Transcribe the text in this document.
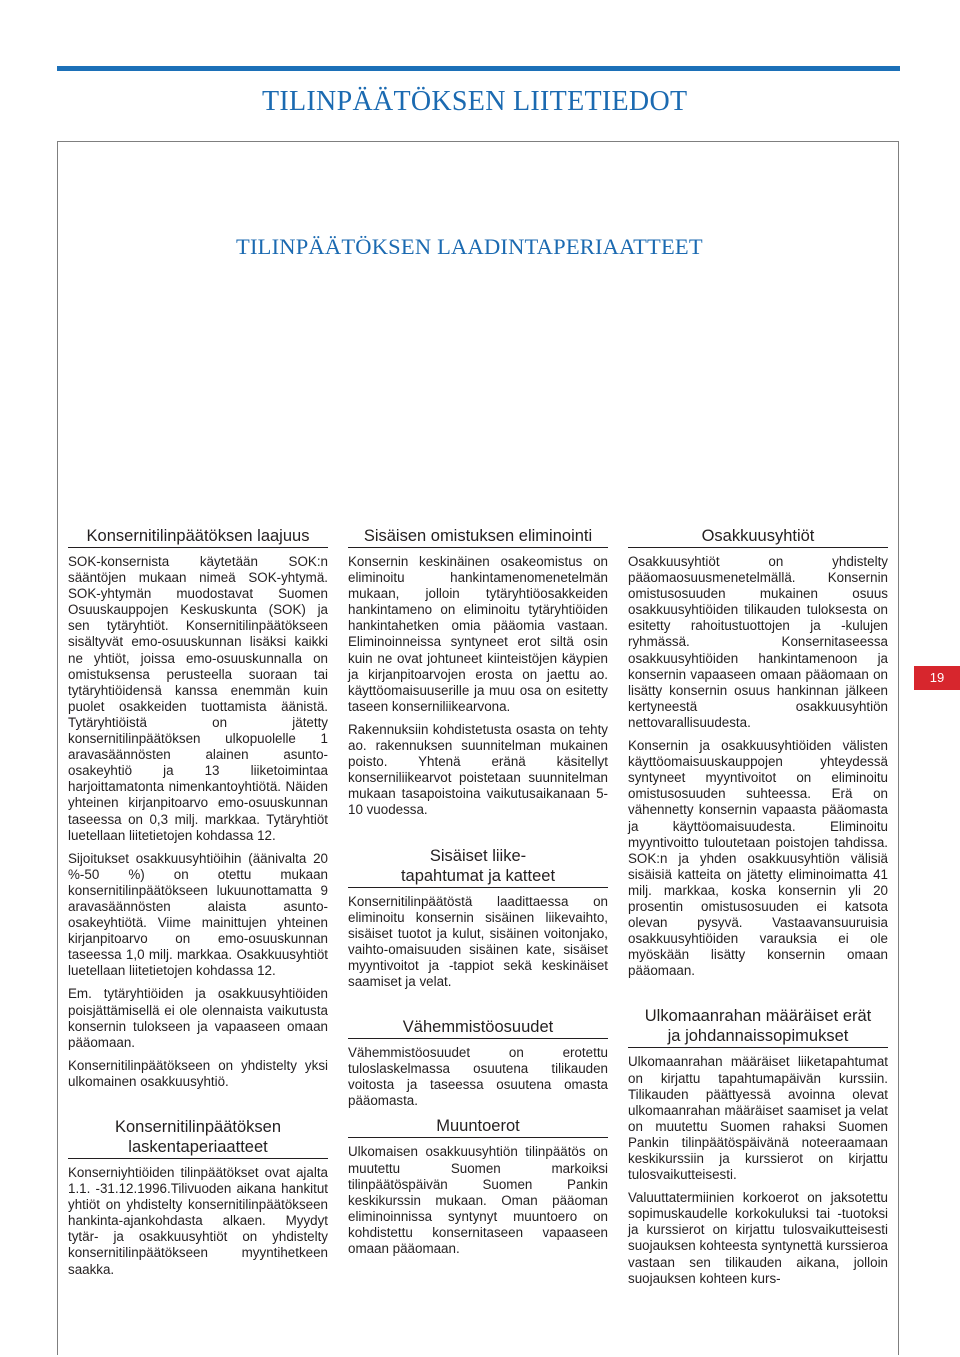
TILINPÄÄTÖKSEN LIITETIEDOT
TILINPÄÄTÖKSEN LAADINTAPERIAATTEET
Konsernitilinpäätöksen laajuus

SOK-konsernista käytetään SOK:n sääntöjen mukaan nimeä SOK-yhtymä. SOK-yhtymän muodostavat Suomen Osuuskauppojen Keskuskunta (SOK) ja sen tytäryhtiöt. Konsernitilinpäätökseen sisältyvät emo-osuuskunnan lisäksi kaikki ne yhtiöt, joissa emo-osuuskunnalla on omistuksensa perusteella suoraan tai tytäryhtiöidensä kanssa enemmän kuin puolet osakkeiden tuottamista äänistä. Tytäryhtiöistä on jätetty konsernitilinpäätöksen ulkopuolelle 1 aravasäännösten alainen asunto-osakeyhtiö ja 13 liiketoimintaa harjoittamatonta nimenkantoyhtiötä. Näiden yhteinen kirjanpitoarvo emo-osuuskunnan taseessa on 0,3 milj. markkaa. Tytäryhtiöt luetellaan liitetietojen kohdassa 12.

Sijoitukset osakkuusyhtiöihin (äänivalta 20 %-50 %) on otettu mukaan konsernitilinpäätökseen lukuunottamatta 9 aravasäännösten alaista asunto-osakeyhtiötä. Viime mainittujen yhteinen kirjanpitoarvo on emo-osuuskunnan taseessa 1,0 milj. markkaa. Osakkuusyhtiöt luetellaan liitetietojen kohdassa 12.

Em. tytäryhtiöiden ja osakkuusyhtiöiden poisjättämisellä ei ole olennaista vaikutusta konsernin tulokseen ja vapaaseen omaan pääomaan.

Konsernitilinpäätökseen on yhdistelty yksi ulkomainen osakkuusyhtiö.

Konsernitilinpäätöksen
laskentaperiaatteet

Konserniyhtiöiden tilinpäätökset ovat ajalta 1.1. -31.12.1996.Tilivuoden aikana hankitut yhtiöt on yhdistelty konsernitilinpäätökseen hankinta-ajankohdasta alkaen. Myydyt tytär- ja osakkuusyhtiöt on yhdistelty konsernitilinpäätökseen myyntihetkeen saakka.

Sisäisen omistuksen eliminointi

Konsernin keskinäinen osakeomistus on eliminoitu hankintamenomenetelmän mukaan, jolloin tytäryhtiöosakkeiden hankintameno on eliminoitu tytäryhtiöiden hankintahetken omia pääomia vastaan. Eliminoinneissa syntyneet erot siltä osin kuin ne ovat johtuneet kiinteistöjen käypien ja kirjanpitoarvojen erosta on jaettu ao. käyttöomaisuuserille ja muu osa on esitetty taseen konserniliikearvona.

Rakennuksiin kohdistetusta osasta on tehty ao. rakennuksen suunnitelman mukainen poisto. Yhtenä eränä käsitellyt konserniliikearvot poistetaan suunnitelman mukaan tasapoistoina vaikutusaikanaan 5-10 vuodessa.

Sisäiset liike-
tapahtumat ja katteet

Konsernitilinpäätöstä laadittaessa on eliminoitu konsernin sisäinen liikevaihto, sisäiset tuotot ja kulut, sisäinen voitonjako, vaihto-omaisuuden sisäinen kate, sisäiset myyntivoitot ja -tappiot sekä keskinäiset saamiset ja velat.

Vähemmistöosuudet

Vähemmistöosuudet on erotettu tuloslaskelmassa osuutena tilikauden voitosta ja taseessa osuutena omasta pääomasta.

Muuntoerot

Ulkomaisen osakkuusyhtiön tilinpäätös on muutettu Suomen markoiksi tilinpäätöspäivän Suomen Pankin keskikurssin mukaan. Oman pääoman eliminoinnissa syntynyt muuntoero on kohdistettu konsernitaseen vapaaseen omaan pääomaan.

Osakkuusyhtiöt

Osakkuusyhtiöt on yhdistelty pääomaosuusmenetelmällä. Konsernin omistusosuuden mukainen osuus osakkuusyhtiöiden tilikauden tuloksesta on esitetty rahoitustuottojen ja -kulujen ryhmässä. Konsernitaseessa osakkuusyhtiöiden hankintamenoon ja konsernin vapaaseen omaan pääomaan on lisätty konsernin osuus hankinnan jälkeen kertyneestä osakkuusyhtiön nettovarallisuudesta.

Konsernin ja osakkuusyhtiöiden välisten käyttöomaisuuskauppojen yhteydessä syntyneet myyntivoitot on eliminoitu omistusosuuden suhteessa. Erä on vähennetty konsernin vapaasta pääomasta ja käyttöomaisuudesta. Eliminoitu myyntivoitto tuloutetaan poistojen tahdissa. SOK:n ja yhden osakkuusyhtiön välisiä sisäisiä katteita on jätetty eliminoimatta 41 milj. markkaa, koska konsernin yli 20 prosentin omistusosuuden ei katsota olevan pysyvä. Vastaavansuuruisia osakkuusyhtiöiden varauksia ei ole myöskään lisätty konsernin omaan pääomaan.

Ulkomaanrahan määräiset erät
ja johdannaissopimukset

Ulkomaanrahan määräiset liiketapahtumat on kirjattu tapahtumapäivän kurssiin. Tilikauden päättyessä avoinna olevat ulkomaanrahan määräiset saamiset ja velat on muutettu Suomen rahaksi Suomen Pankin tilinpäätöspäivänä noteeraamaan keskikurssiin ja kurssierot on kirjattu tulosvaikutteisesti.

Valuuttatermiinien korkoerot on jaksotettu sopimuskaudelle korkokuluksi tai -tuotoksi ja kurssierot on kirjattu tulosvaikutteisesti suojauksen kohteesta syntynettä kurssieroa vastaan sen tilikauden aikana, jolloin suojauksen kohteen kurs-

19
